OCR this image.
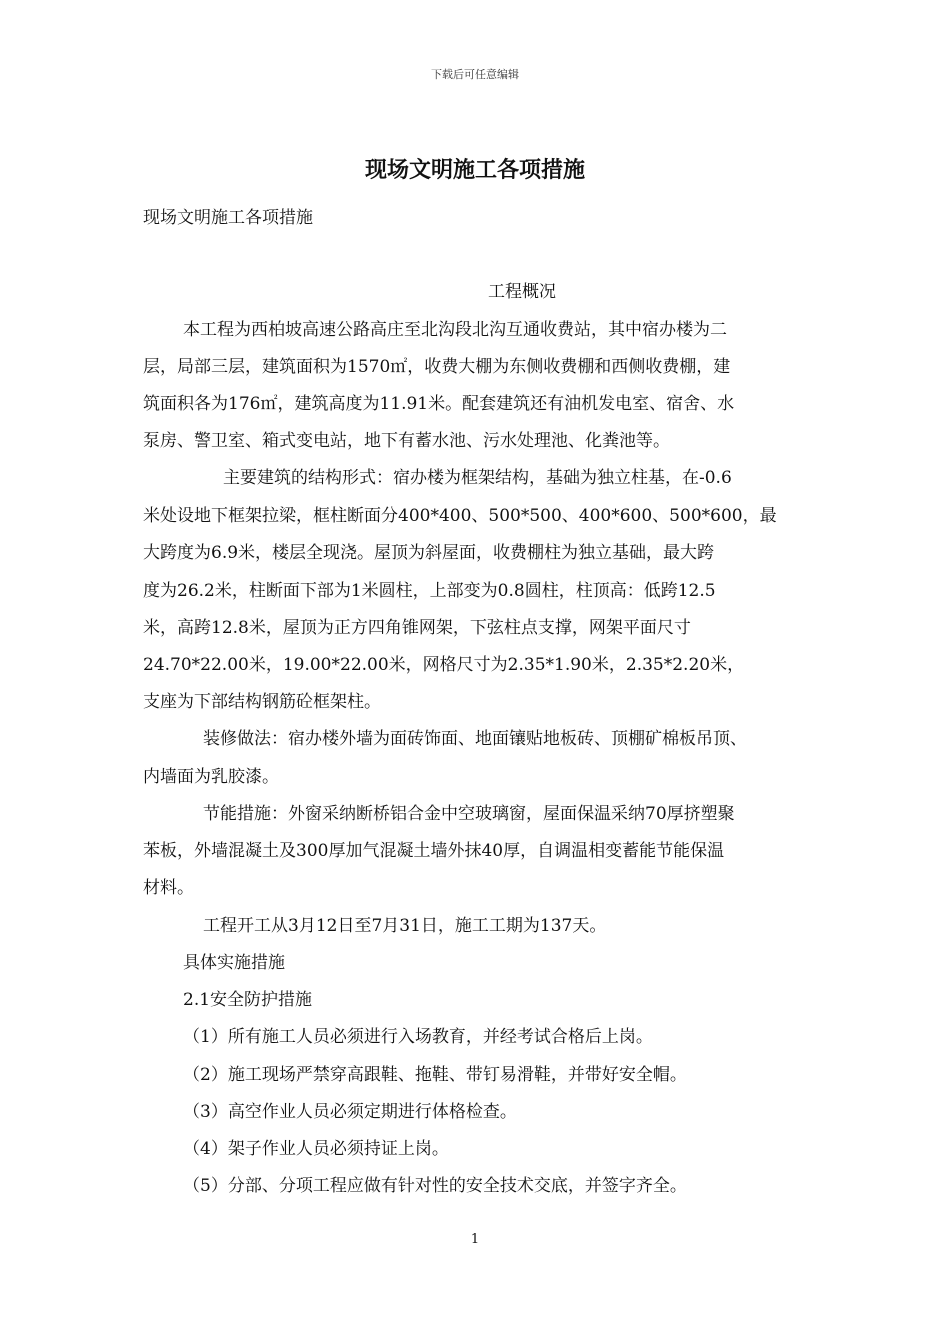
下载后可任意编辑
现场文明施工各项措施
现场文明施工各项措施
工程概况
本工程为西柏坡高速公路高庄至北沟段北沟互通收费站，其中宿办楼为二
层，局部三层，建筑面积为1570㎡，收费大棚为东侧收费棚和西侧收费棚，建
筑面积各为176㎡，建筑高度为11.91米。配套建筑还有油机发电室、宿舍、水
泵房、警卫室、箱式变电站，地下有蓄水池、污水处理池、化粪池等。
主要建筑的结构形式：宿办楼为框架结构，基础为独立柱基，在-0.6
米处设地下框架拉梁，框柱断面分400*400、500*500、400*600、500*600，最
大跨度为6.9米，楼层全现浇。屋顶为斜屋面，收费棚柱为独立基础，最大跨
度为26.2米，柱断面下部为1米圆柱，上部变为0.8圆柱，柱顶高：低跨12.5
米，高跨12.8米，屋顶为正方四角锥网架，下弦柱点支撑，网架平面尺寸
24.70*22.00米，19.00*22.00米，网格尺寸为2.35*1.90米，2.35*2.20米，
支座为下部结构钢筋砼框架柱。
装修做法：宿办楼外墙为面砖饰面、地面镶贴地板砖、顶棚矿棉板吊顶、
内墙面为乳胶漆。
节能措施：外窗采纳断桥铝合金中空玻璃窗，屋面保温采纳70厚挤塑聚
苯板，外墙混凝土及300厚加气混凝土墙外抹40厚，自调温相变蓄能节能保温
材料。
工程开工从3月12日至7月31日，施工工期为137天。
具体实施措施
2.1安全防护措施
（1）所有施工人员必须进行入场教育，并经考试合格后上岗。
（2）施工现场严禁穿高跟鞋、拖鞋、带钉易滑鞋，并带好安全帽。
（3）高空作业人员必须定期进行体格检查。
（4）架子作业人员必须持证上岗。
（5）分部、分项工程应做有针对性的安全技术交底，并签字齐全。
1
